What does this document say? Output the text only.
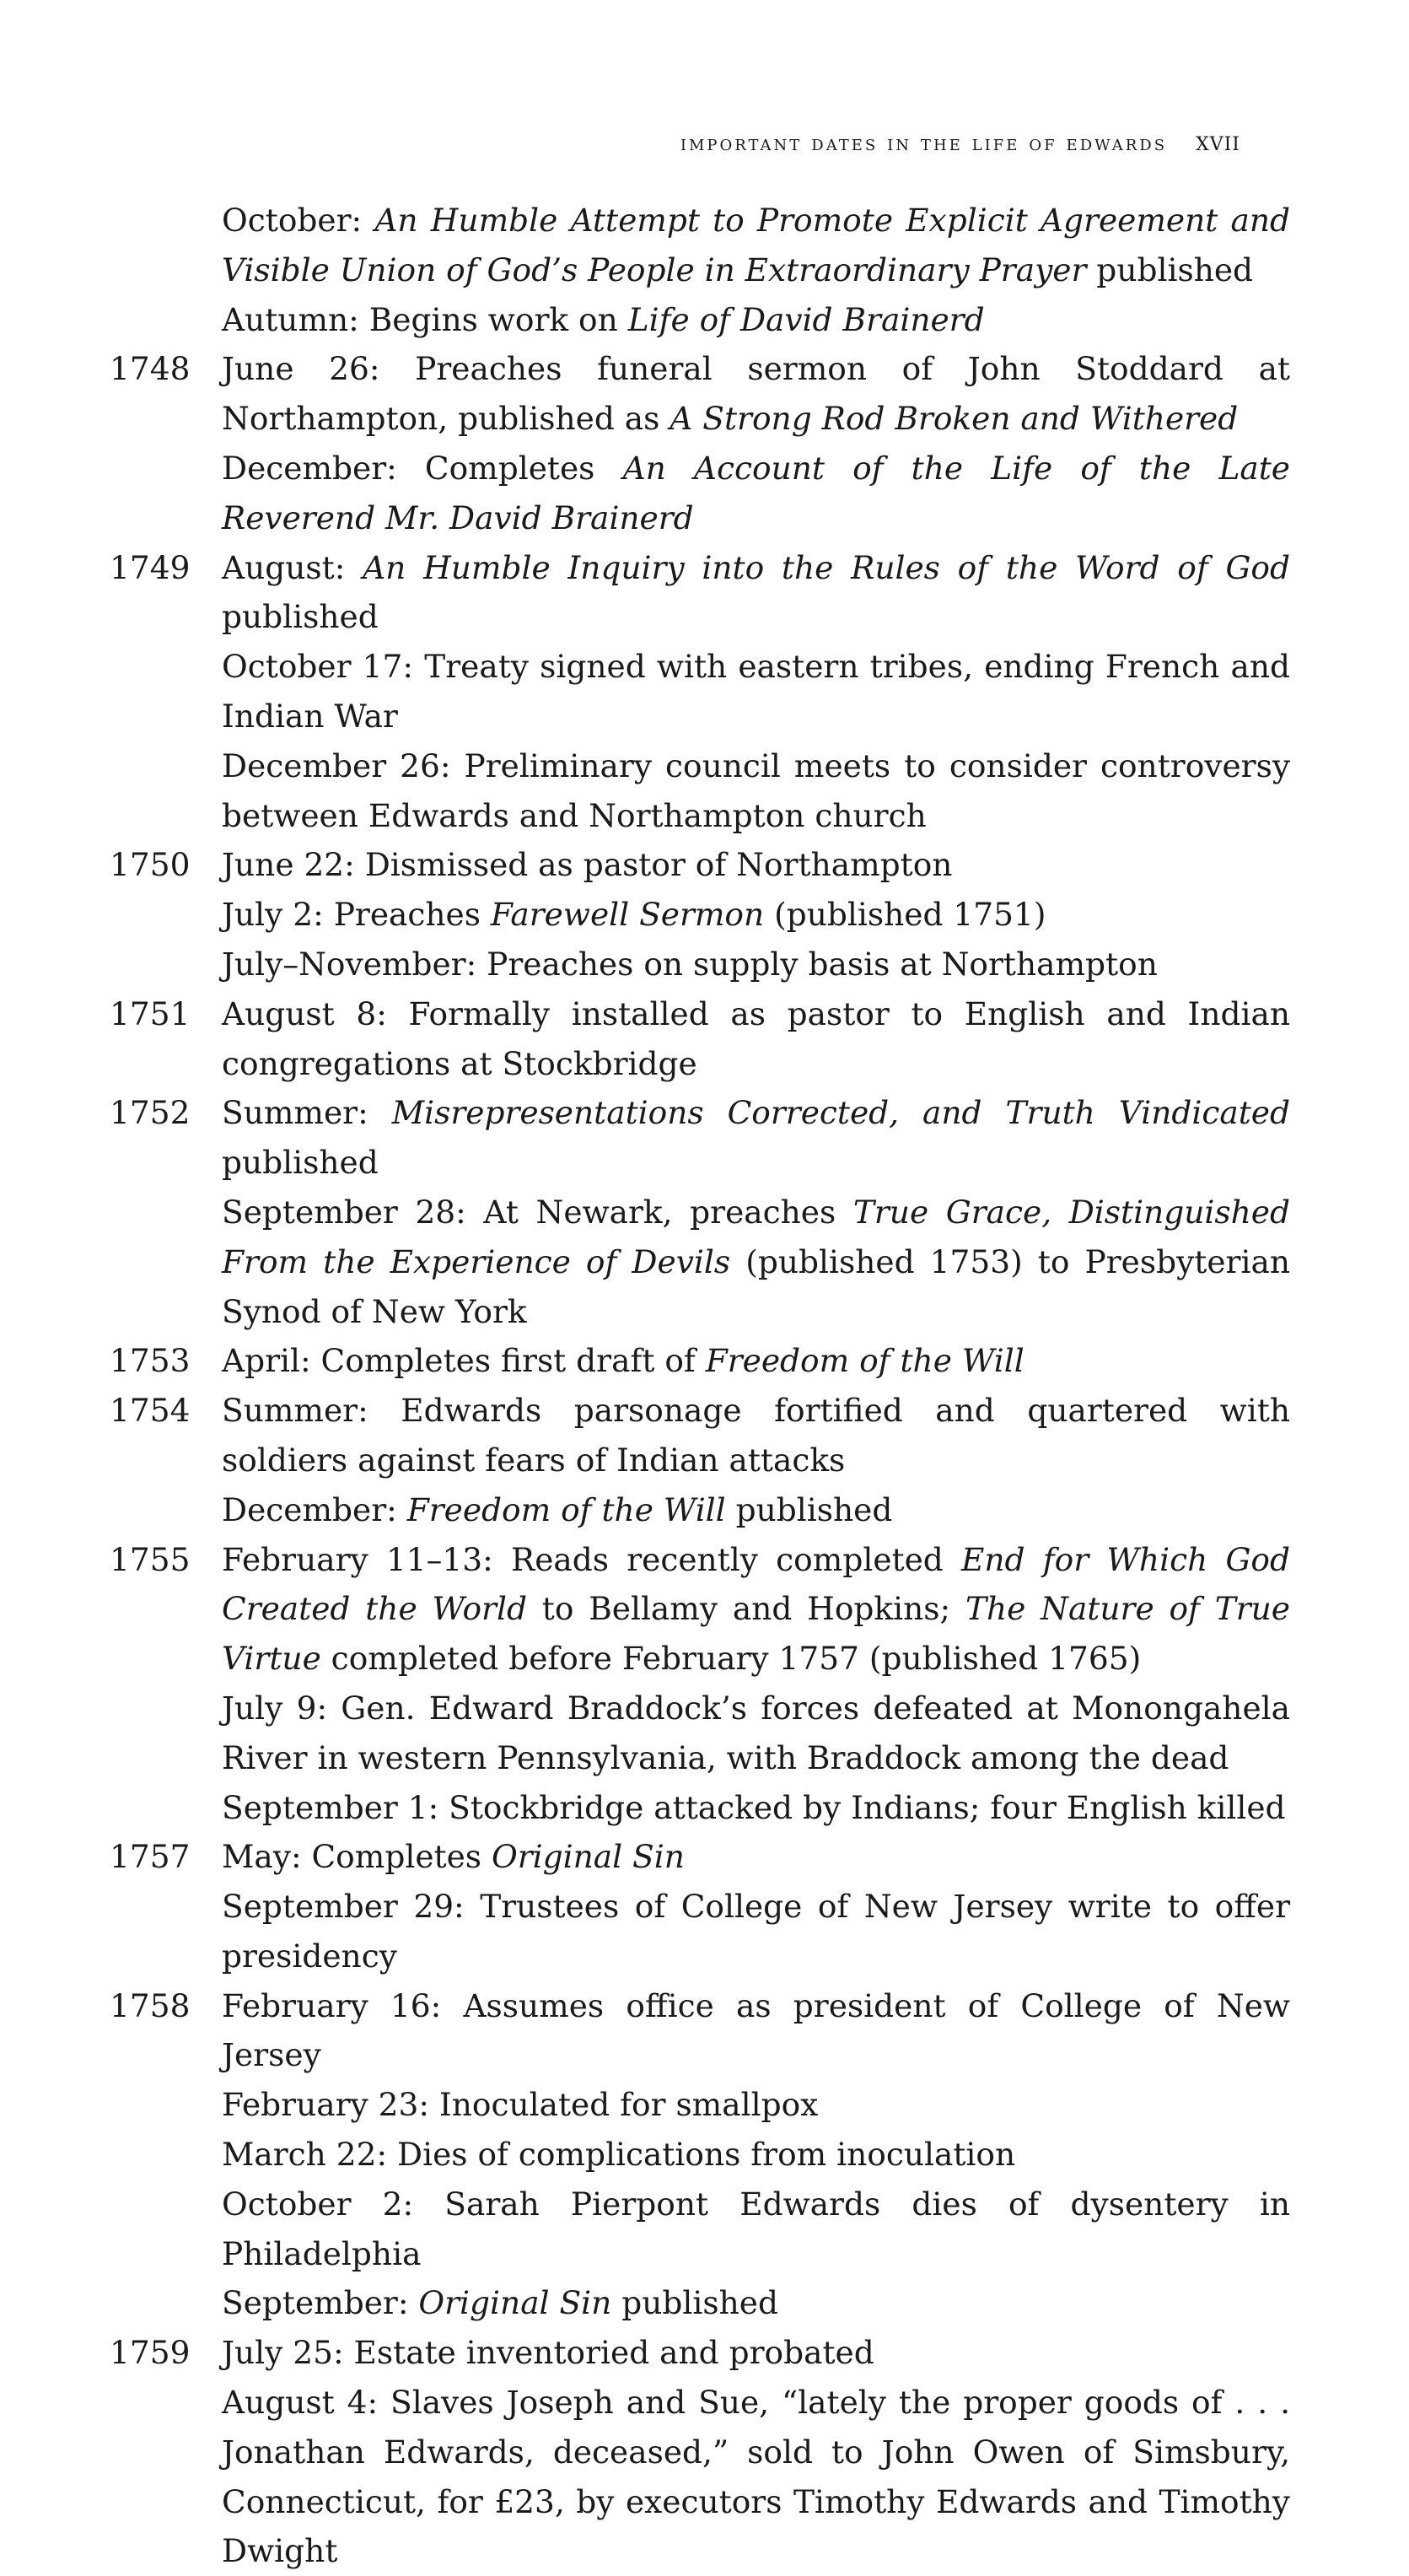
important dates in the life of edwards xvii
October: An Humble Attempt to Promote Explicit Agreement and Visible Union of God’s People in Extraordinary Prayer published
Autumn: Begins work on Life of David Brainerd
1748	June 26: Preaches funeral sermon of John Stoddard at Northampton, published as A Strong Rod Broken and Withered
December: Completes An Account of the Life of the Late Reverend Mr. David Brainerd
1749	August: An Humble Inquiry into the Rules of the Word of God published
October 17: Treaty signed with eastern tribes, ending French and Indian War
December 26: Preliminary council meets to consider controversy between Edwards and Northampton church
1750	June 22: Dismissed as pastor of Northampton
July 2: Preaches Farewell Sermon (published 1751)
July–November: Preaches on supply basis at Northampton
1751	August 8: Formally installed as pastor to English and Indian congregations at Stockbridge
1752	Summer: Misrepresentations Corrected, and Truth Vindicated published
September 28: At Newark, preaches True Grace, Distinguished From the Experience of Devils (published 1753) to Presbyterian Synod of New York
1753	April: Completes first draft of Freedom of the Will
1754	Summer: Edwards parsonage fortified and quartered with soldiers against fears of Indian attacks
December: Freedom of the Will published
1755	February 11–13: Reads recently completed End for Which God Created the World to Bellamy and Hopkins; The Nature of True Virtue completed before February 1757 (published 1765)
July 9: Gen. Edward Braddock’s forces defeated at Monongahela River in western Pennsylvania, with Braddock among the dead
September 1: Stockbridge attacked by Indians; four English killed
1757	May: Completes Original Sin
September 29: Trustees of College of New Jersey write to offer presidency
1758	February 16: Assumes office as president of College of New Jersey
February 23: Inoculated for smallpox
March 22: Dies of complications from inoculation
October 2: Sarah Pierpont Edwards dies of dysentery in Philadelphia
September: Original Sin published
1759	July 25: Estate inventoried and probated
August 4: Slaves Joseph and Sue, “lately the proper goods of . . . Jonathan Edwards, deceased,” sold to John Owen of Simsbury, Connecticut, for £23, by executors Timothy Edwards and Timothy Dwight
